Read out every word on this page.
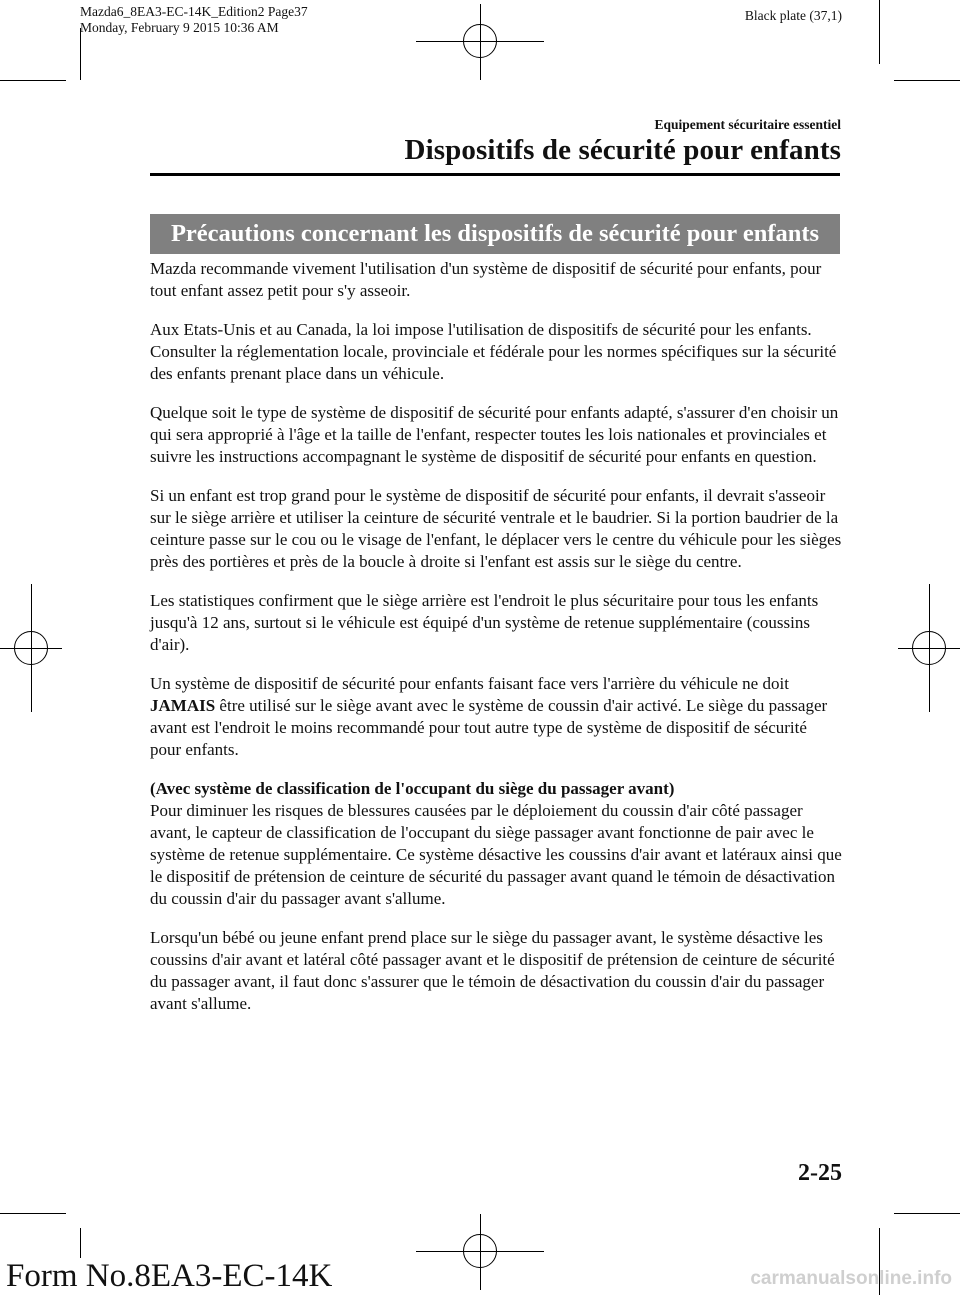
Mazda6_8EA3-EC-14K_Edition2 Page37
Monday, February 9 2015 10:36 AM
Black plate (37,1)
Equipement sécuritaire essentiel
Dispositifs de sécurité pour enfants
Précautions concernant les dispositifs de sécurité pour enfants

Mazda recommande vivement l'utilisation d'un système de dispositif de sécurité pour enfants, pour tout enfant assez petit pour s'y asseoir.

Aux Etats-Unis et au Canada, la loi impose l'utilisation de dispositifs de sécurité pour les enfants.

Consulter la réglementation locale, provinciale et fédérale pour les normes spécifiques sur la sécurité des enfants prenant place dans un véhicule.

Quelque soit le type de système de dispositif de sécurité pour enfants adapté, s'assurer d'en choisir un qui sera approprié à l'âge et la taille de l'enfant, respecter toutes les lois nationales et provinciales et suivre les instructions accompagnant le système de dispositif de sécurité pour enfants en question.

Si un enfant est trop grand pour le système de dispositif de sécurité pour enfants, il devrait s'asseoir sur le siège arrière et utiliser la ceinture de sécurité ventrale et le baudrier. Si la portion baudrier de la ceinture passe sur le cou ou le visage de l'enfant, le déplacer vers le centre du véhicule pour les sièges près des portières et près de la boucle à droite si l'enfant est assis sur le siège du centre.

Les statistiques confirment que le siège arrière est l'endroit le plus sécuritaire pour tous les enfants jusqu'à 12 ans, surtout si le véhicule est équipé d'un système de retenue supplémentaire (coussins d'air).

Un système de dispositif de sécurité pour enfants faisant face vers l'arrière du véhicule ne doit JAMAIS être utilisé sur le siège avant avec le système de coussin d'air activé. Le siège du passager avant est l'endroit le moins recommandé pour tout autre type de système de dispositif de sécurité pour enfants.

(Avec système de classification de l'occupant du siège du passager avant)

Pour diminuer les risques de blessures causées par le déploiement du coussin d'air côté passager avant, le capteur de classification de l'occupant du siège passager avant fonctionne de pair avec le système de retenue supplémentaire. Ce système désactive les coussins d'air avant et latéraux ainsi que le dispositif de prétension de ceinture de sécurité du passager avant quand le témoin de désactivation du coussin d'air du passager avant s'allume.

Lorsqu'un bébé ou jeune enfant prend place sur le siège du passager avant, le système désactive les coussins d'air avant et latéral côté passager avant et le dispositif de prétension de ceinture de sécurité du passager avant, il faut donc s'assurer que le témoin de désactivation du coussin d'air du passager avant s'allume.

2-25
Form No.8EA3-EC-14K	carmanualsonline.info
